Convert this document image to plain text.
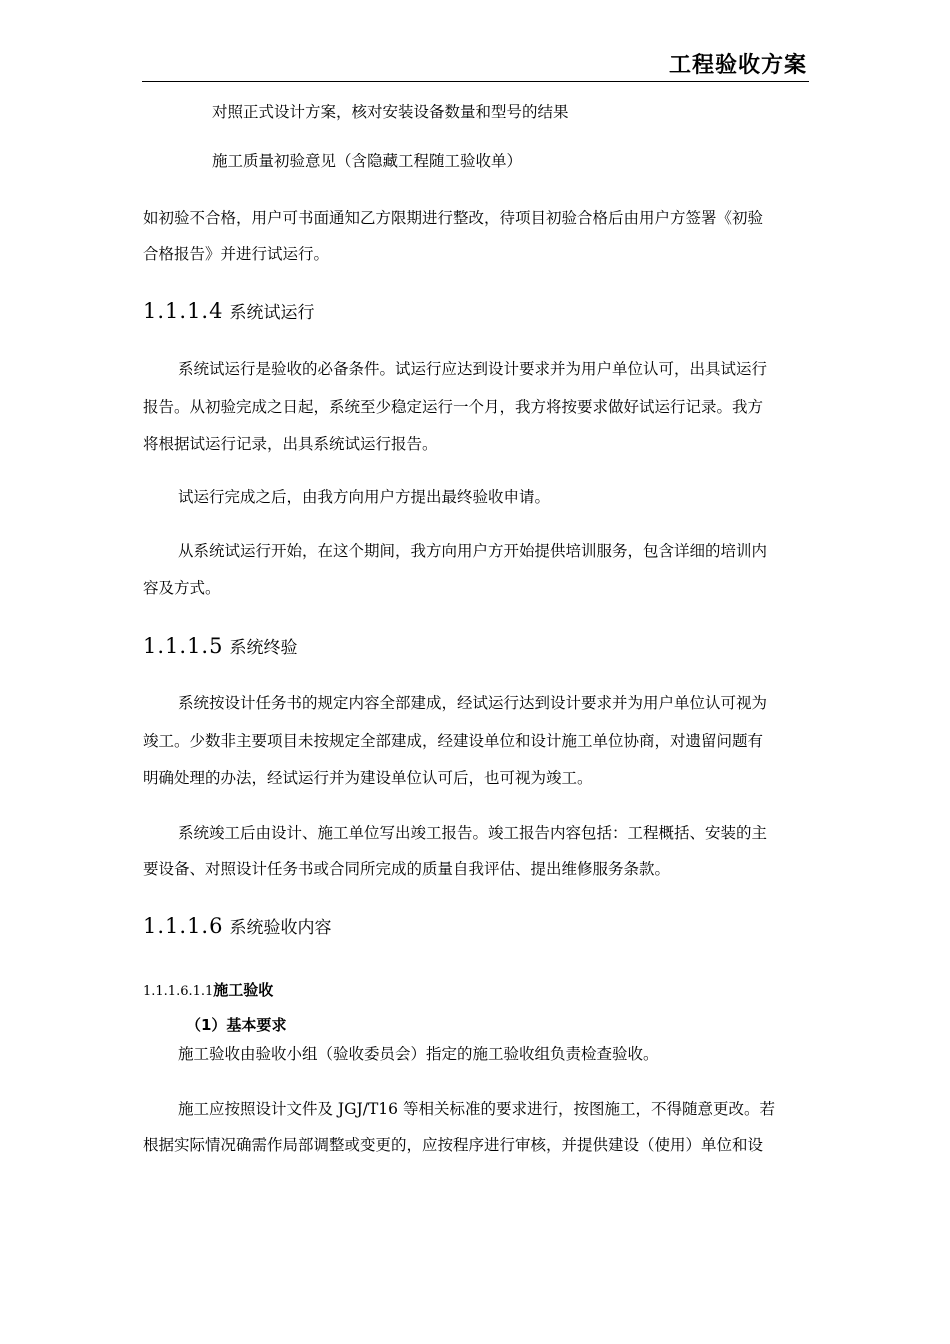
工程验收方案
对照正式设计方案，核对安装设备数量和型号的结果
施工质量初验意见（含隐藏工程随工验收单）
如初验不合格，用户可书面通知乙方限期进行整改，待项目初验合格后由用户方签署《初验
合格报告》并进行试运行。
1.1.1.4 系统试运行
系统试运行是验收的必备条件。试运行应达到设计要求并为用户单位认可，出具试运行
报告。从初验完成之日起，系统至少稳定运行一个月，我方将按要求做好试运行记录。我方
将根据试运行记录，出具系统试运行报告。
试运行完成之后，由我方向用户方提出最终验收申请。
从系统试运行开始，在这个期间，我方向用户方开始提供培训服务，包含详细的培训内
容及方式。
1.1.1.5 系统终验
系统按设计任务书的规定内容全部建成，经试运行达到设计要求并为用户单位认可视为
竣工。少数非主要项目未按规定全部建成，经建设单位和设计施工单位协商，对遗留问题有
明确处理的办法，经试运行并为建设单位认可后，也可视为竣工。
系统竣工后由设计、施工单位写出竣工报告。竣工报告内容包括：工程概括、安装的主
要设备、对照设计任务书或合同所完成的质量自我评估、提出维修服务条款。
1.1.1.6 系统验收内容
1.1.1.6.1.1施工验收
（1）基本要求
施工验收由验收小组（验收委员会）指定的施工验收组负责检查验收。
施工应按照设计文件及 JGJ/T16 等相关标准的要求进行，按图施工，不得随意更改。若
根据实际情况确需作局部调整或变更的，应按程序进行审核，并提供建设（使用）单位和设
